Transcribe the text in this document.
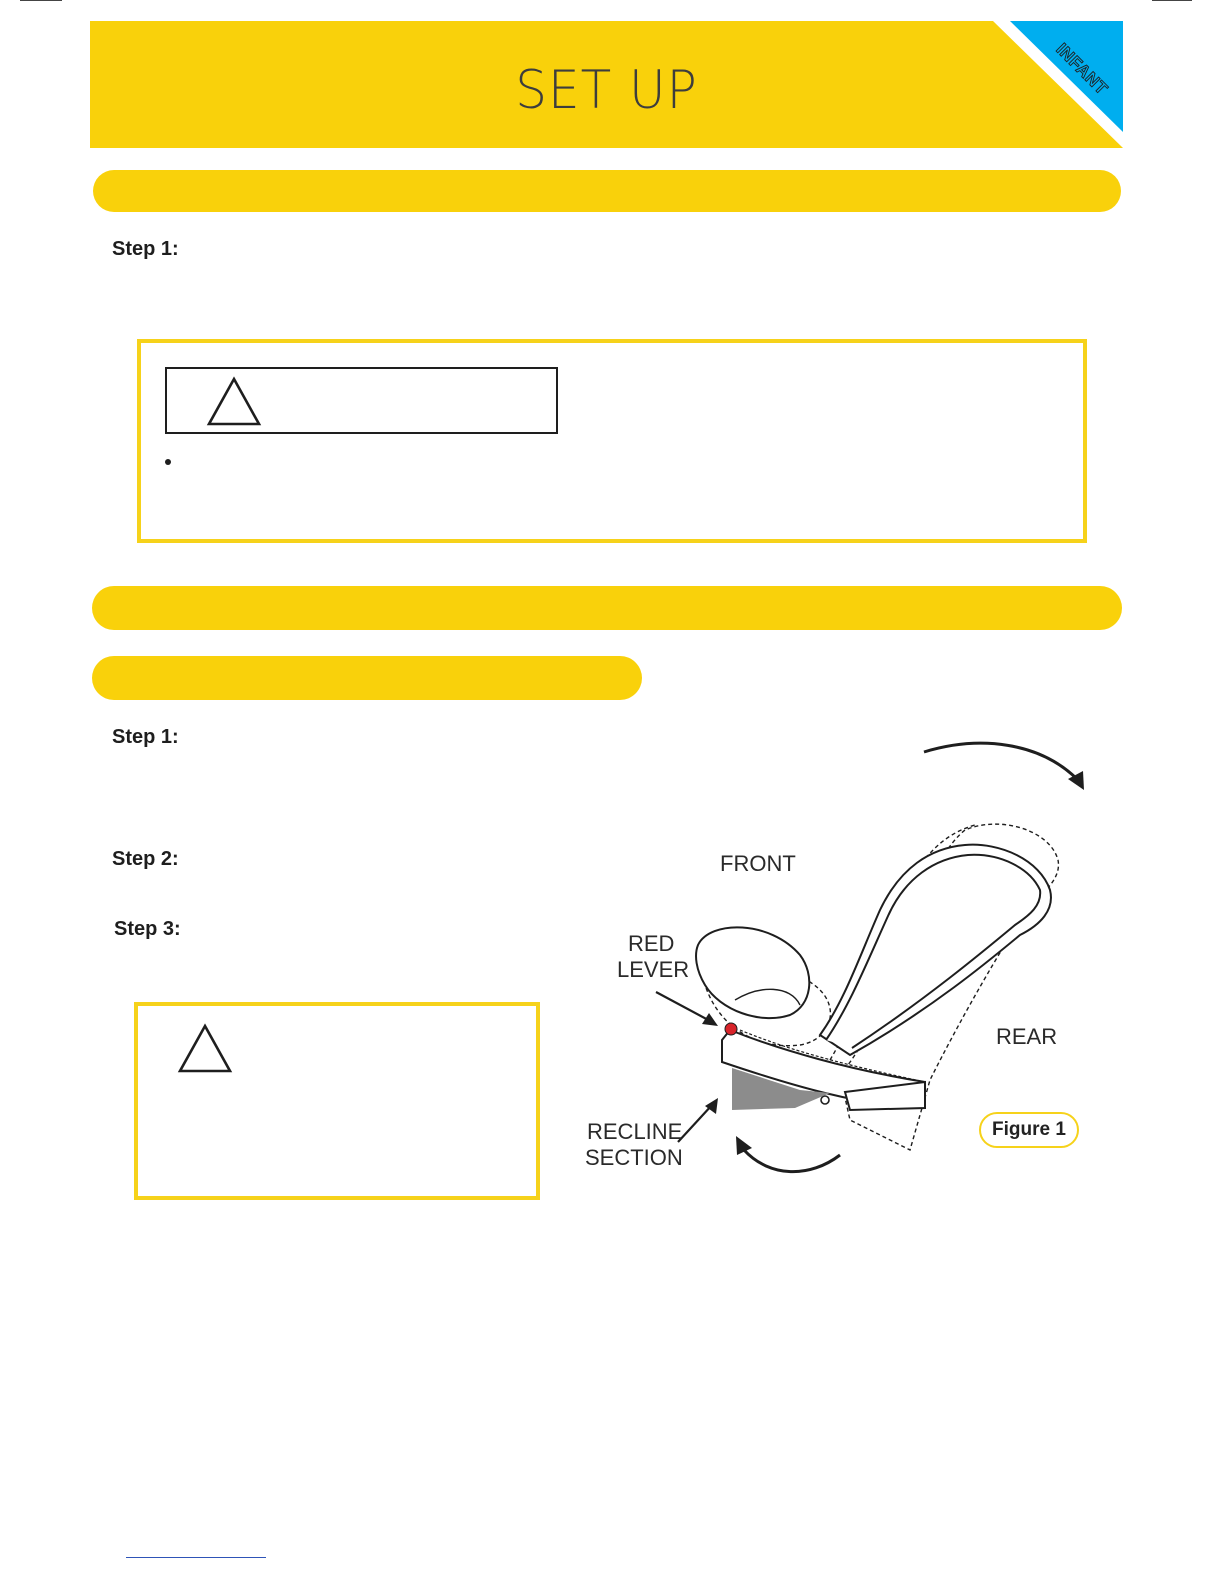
SET UP	INFANT
Step 1:
Step 1:
Step 2:
Step 3:
FRONT
RED
LEVER
REAR
RECLINE
SECTION
Figure 1
